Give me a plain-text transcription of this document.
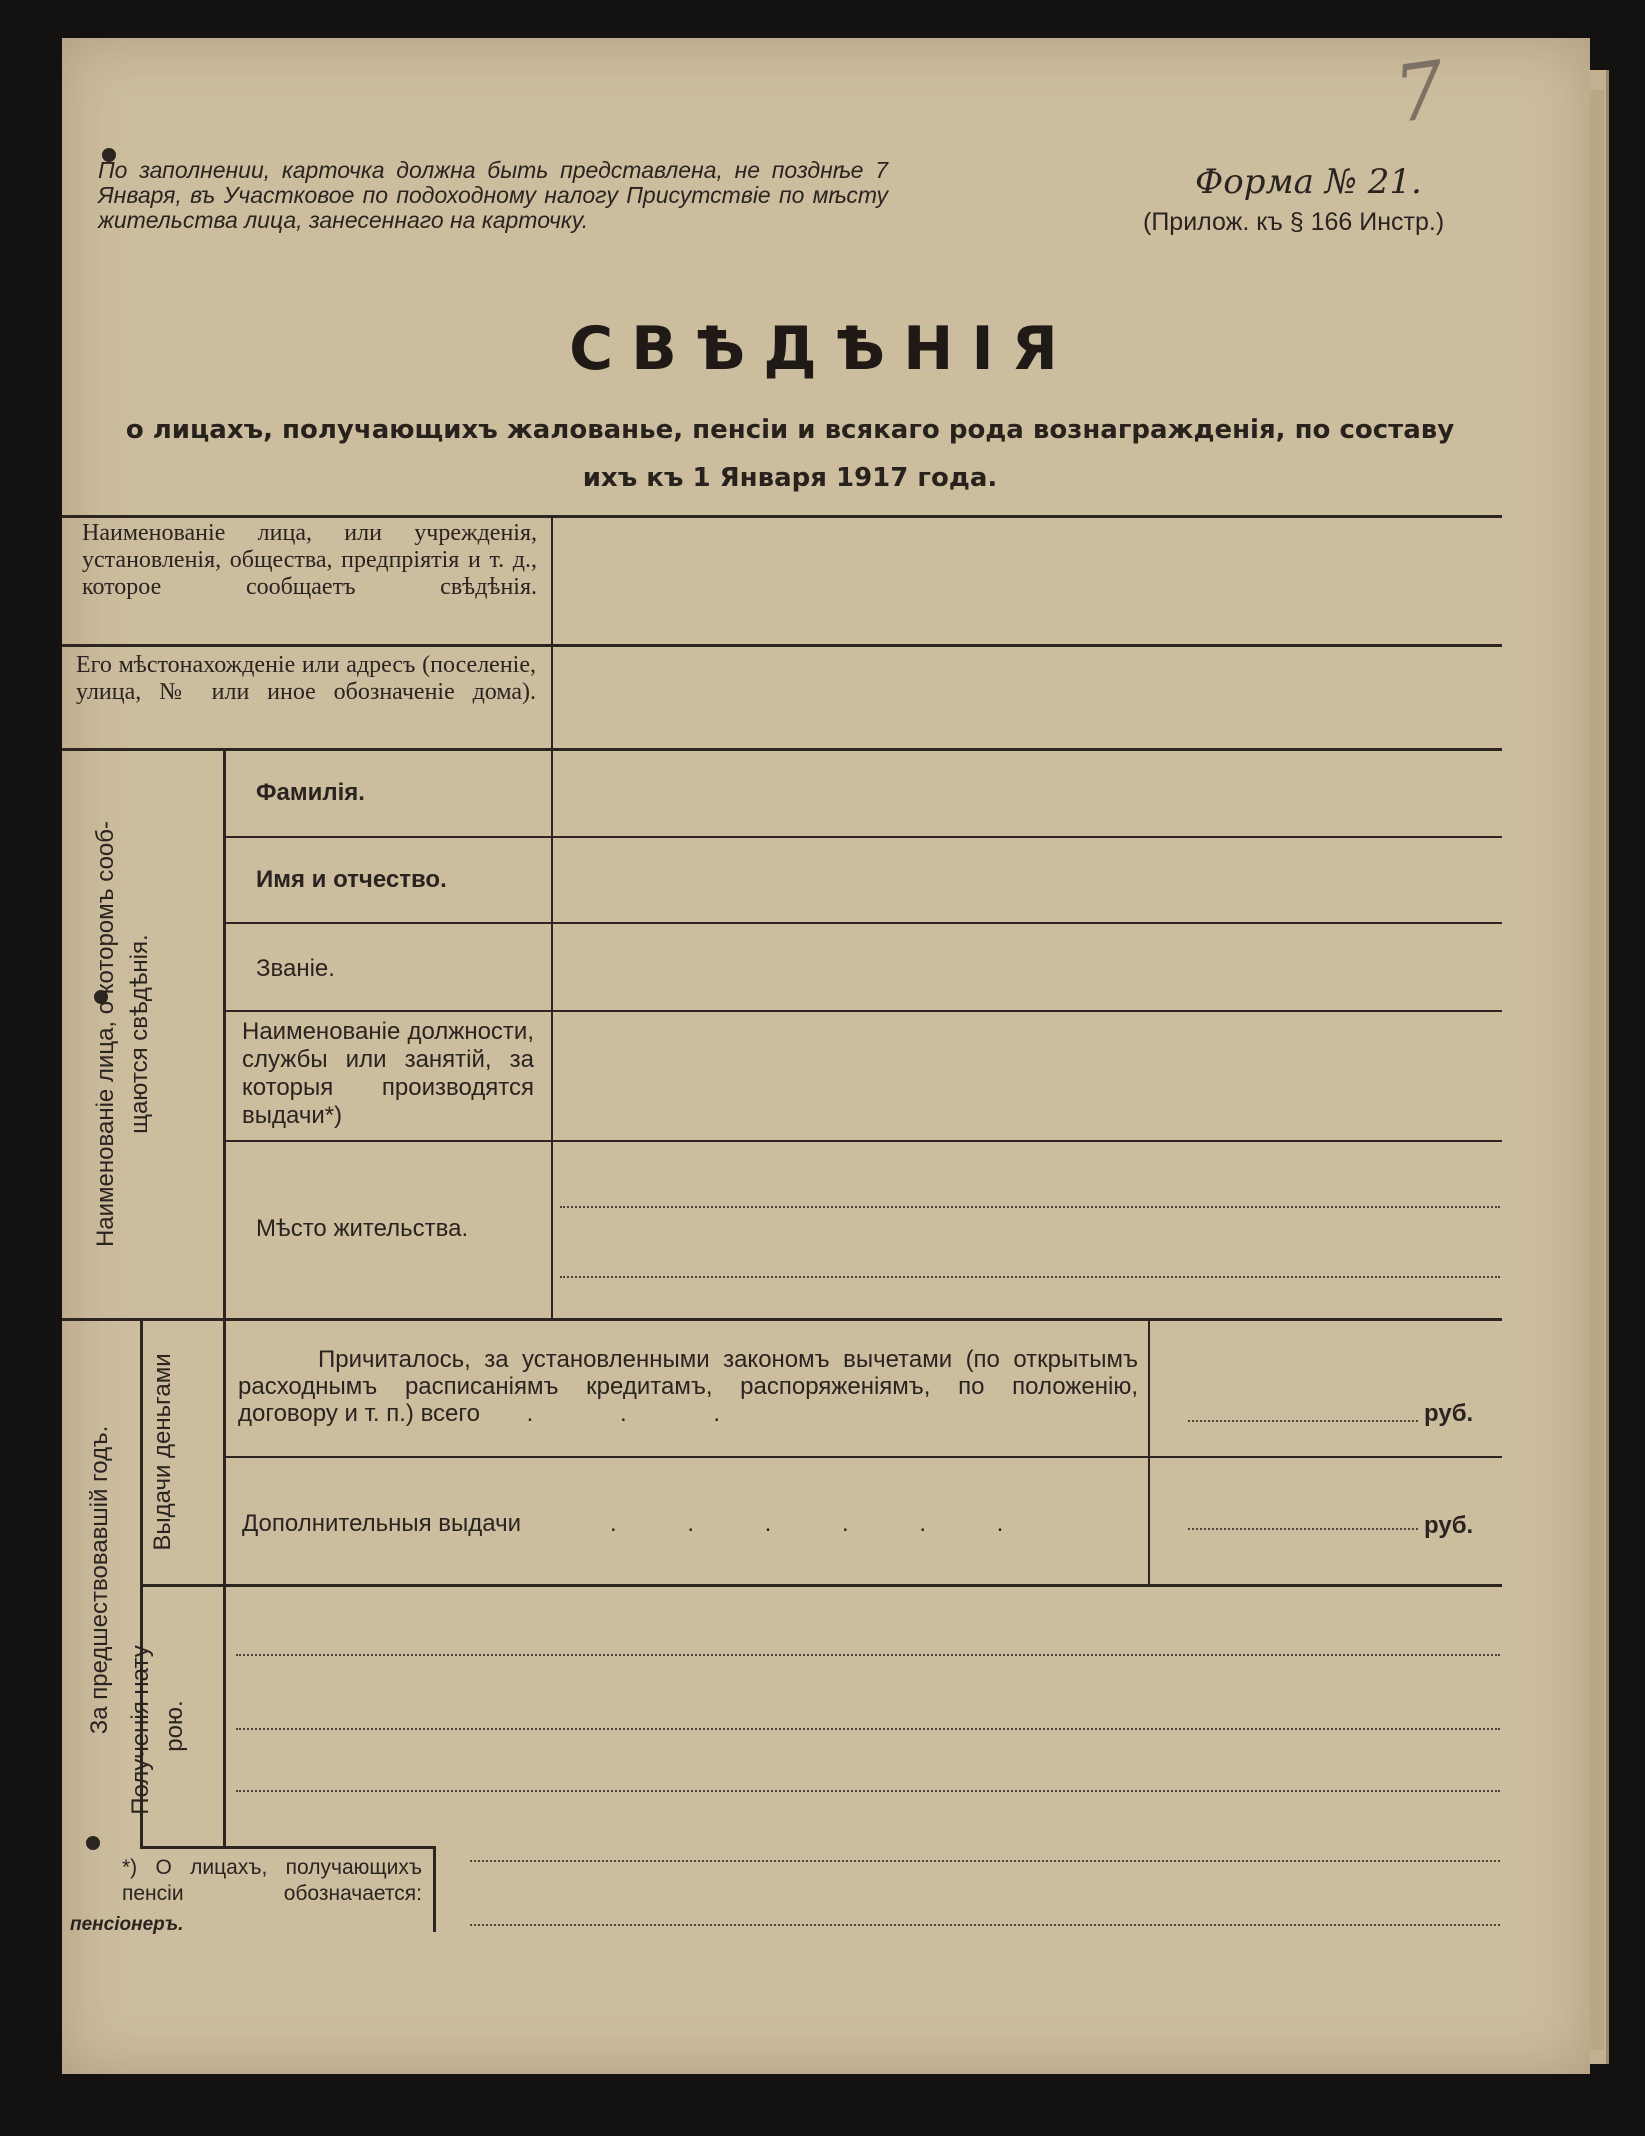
7
По заполнении, карточка должна быть представлена, не позднѣе 7 Января, въ Участковое по подоходному налогу Присутствіе по мѣсту жительства лица, занесеннаго на карточку.
Форма № 21.
(Прилож. къ § 166 Инстр.)
СВѢДѢНІЯ
о лицахъ, получающихъ жалованье, пенсіи и всякаго рода вознагражденія, по составу
ихъ къ 1 Января 1917 года.
Наименованіе лица, или учрежденія, установленія, общества, предпріятія и т. д., которое сообщаетъ свѣдѣнія.
Его мѣстонахожденіе или адресъ (поселеніе, улица, № или иное обозначеніе дома).
Наименованіе лица, о которомъ сооб- щаются свѣдѣнія.
Фамилія.
Имя и отчество.
Званіе.
Наименованіе должности, службы или занятій, за которыя производятся выдачи*)
Мѣсто жительства.
За предшествовавшій годъ. Выдачи деньгами
Полученія нату- рою.
Причиталось, за установленными закономъ вычетами (по открытымъ расходнымъ расписаніямъ кредитамъ, распоряженіямъ, по положенію, договору и т. п.) всего . . .	руб.
Дополнительныя выдачи	. . . . . .	руб.
*) О лицахъ, получающихъ пенсіи обозначается:
пенсіонеръ.
